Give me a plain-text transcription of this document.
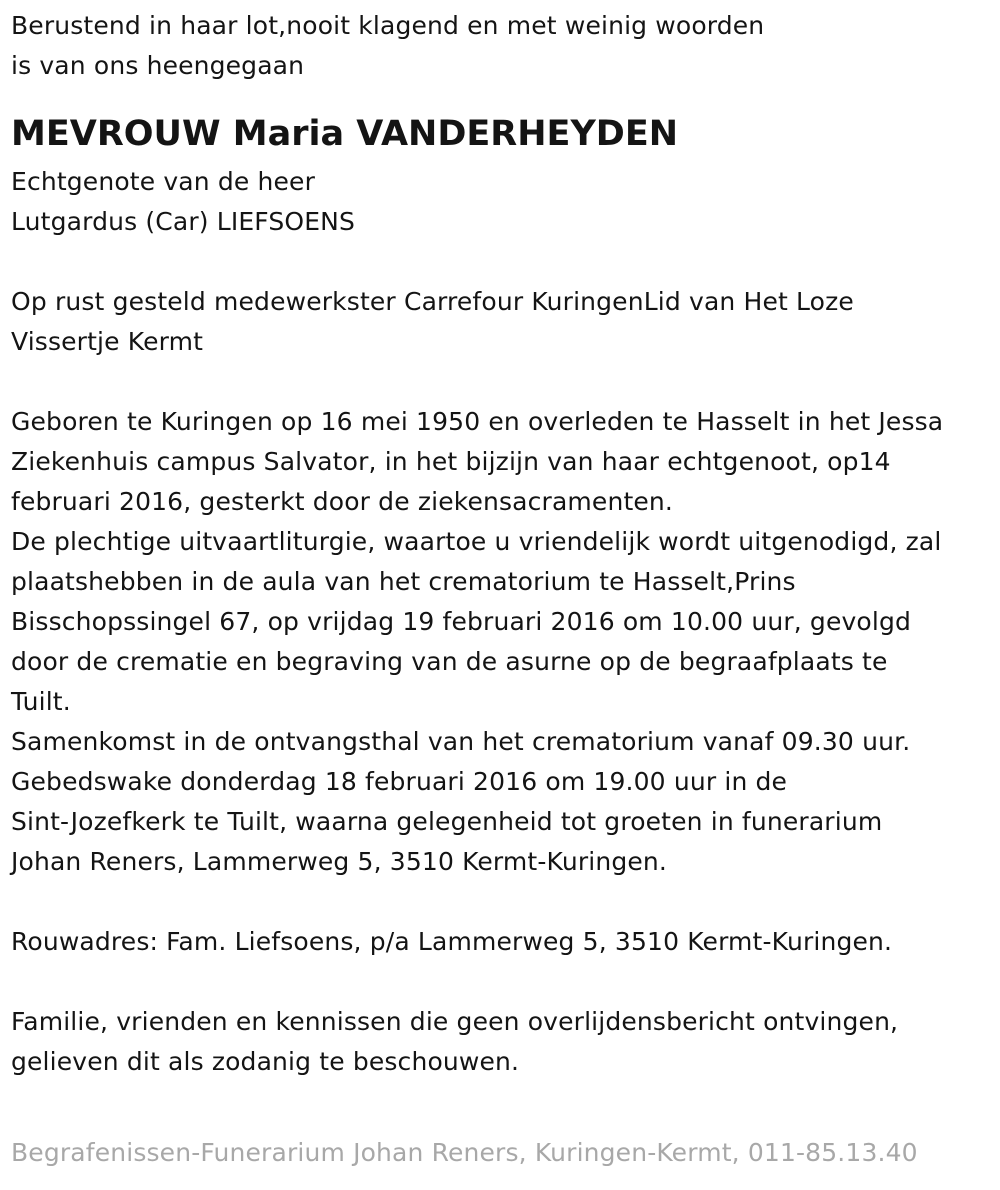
Berustend in haar lot,nooit klagend en met weinig woorden
is van ons heengegaan
MEVROUW Maria VANDERHEYDEN
Echtgenote van de heer
Lutgardus (Car) LIEFSOENS
Op rust gesteld medewerkster Carrefour KuringenLid van Het Loze
Vissertje Kermt
Geboren te Kuringen op 16 mei 1950 en overleden te Hasselt in het Jessa
Ziekenhuis campus Salvator, in het bijzijn van haar echtgenoot, op14
februari 2016, gesterkt door de ziekensacramenten.
De plechtige uitvaartliturgie, waartoe u vriendelijk wordt uitgenodigd, zal
plaatshebben in de aula van het crematorium te Hasselt,Prins
Bisschopssingel 67, op vrijdag 19 februari 2016 om 10.00 uur, gevolgd
door de crematie en begraving van de asurne op de begraafplaats te
Tuilt.
Samenkomst in de ontvangsthal van het crematorium vanaf 09.30 uur.
Gebedswake donderdag 18 februari 2016 om 19.00 uur in de
Sint-Jozefkerk te Tuilt, waarna gelegenheid tot groeten in funerarium
Johan Reners, Lammerweg 5, 3510 Kermt-Kuringen.
Rouwadres: Fam. Liefsoens, p/a Lammerweg 5, 3510 Kermt-Kuringen.
Familie, vrienden en kennissen die geen overlijdensbericht ontvingen,
gelieven dit als zodanig te beschouwen.
Begrafenissen-Funerarium Johan Reners, Kuringen-Kermt, 011-85.13.40
